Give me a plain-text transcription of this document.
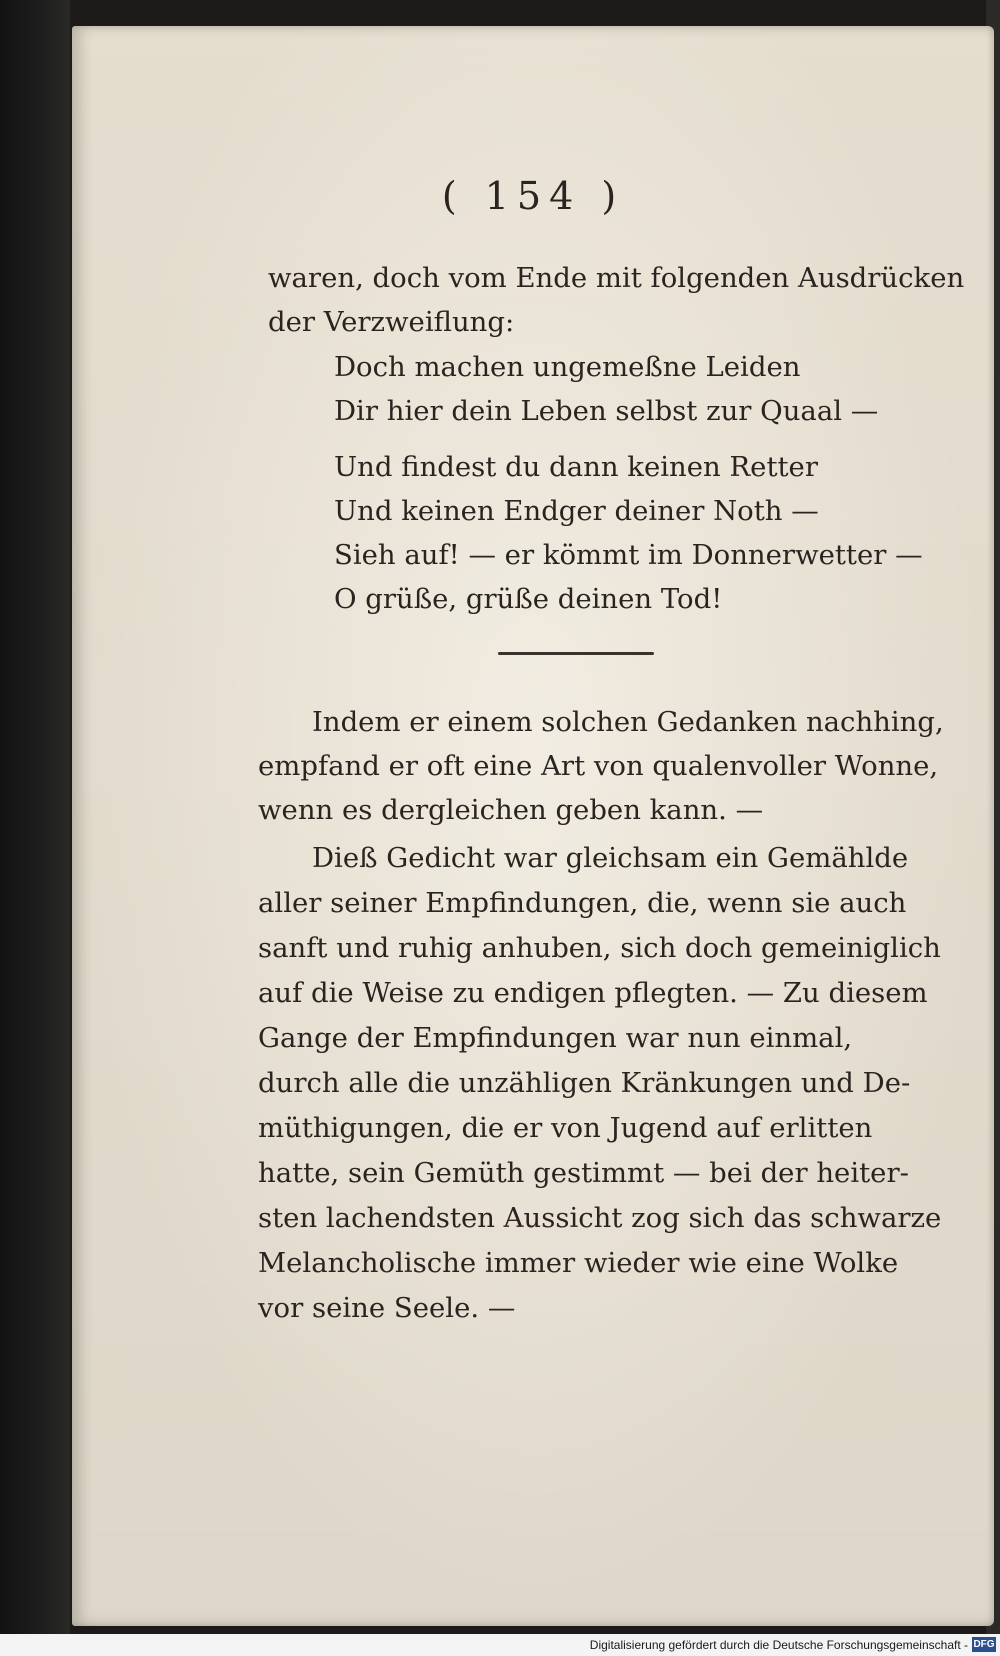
( 154 )
waren, doch vom Ende mit folgenden Ausdrücken
der Verzweiflung:
Doch machen ungemeßne Leiden
Dir hier dein Leben selbst zur Quaal —
Und findest du dann keinen Retter
Und keinen Endger deiner Noth —
Sieh auf! — er kömmt im Donnerwetter —
O grüße, grüße deinen Tod!
Indem er einem solchen Gedanken nachhing,
empfand er oft eine Art von qualenvoller Wonne,
wenn es dergleichen geben kann. —
Dieß Gedicht war gleichsam ein Gemählde
aller seiner Empfindungen, die, wenn sie auch
sanft und ruhig anhuben, sich doch gemeiniglich
auf die Weise zu endigen pflegten. — Zu diesem
Gange der Empfindungen war nun einmal,
durch alle die unzähligen Kränkungen und De-
müthigungen, die er von Jugend auf erlitten
hatte, sein Gemüth gestimmt — bei der heiter-
sten lachendsten Aussicht zog sich das schwarze
Melancholische immer wieder wie eine Wolke
vor seine Seele. —
Digitalisierung gefördert durch die Deutsche Forschungsgemeinschaft - DFG
